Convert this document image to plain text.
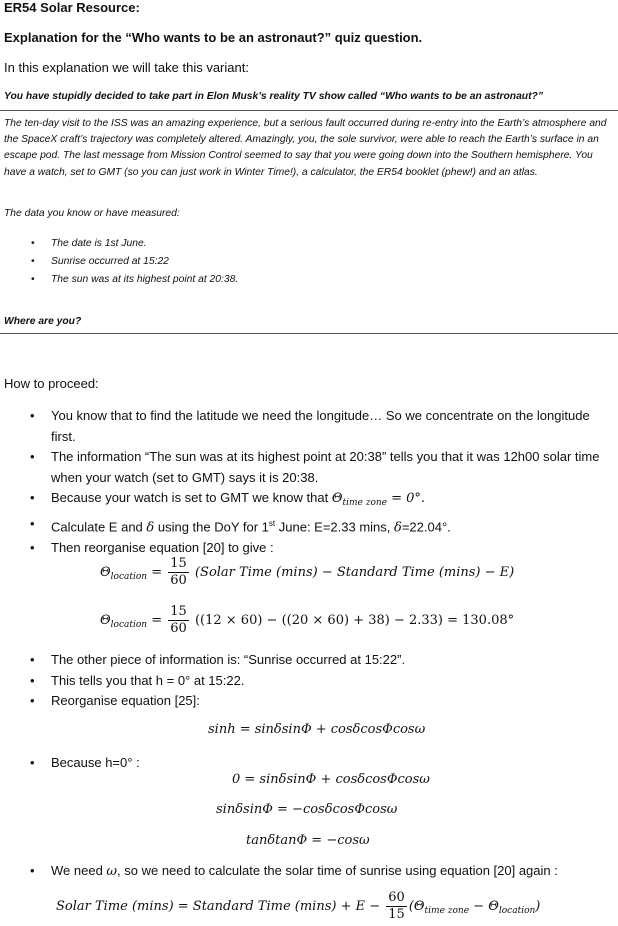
ER54 Solar Resource:
Explanation for the “Who wants to be an astronaut?” quiz question.
In this explanation we will take this variant:
You have stupidly decided to take part in Elon Musk’s reality TV show called “Who wants to be an astronaut?”
The ten-day visit to the ISS was an amazing experience, but a serious fault occurred during re-entry into the Earth’s atmosphere and the SpaceX craft’s trajectory was completely altered. Amazingly, you, the sole survivor, were able to reach the Earth’s surface in an escape pod. The last message from Mission Control seemed to say that you were going down into the Southern hemisphere. You have a watch, set to GMT (so you can just work in Winter Time!), a calculator, the ER54 booklet (phew!) and an atlas.
The data you know or have measured:
• The date is 1st June.
• Sunrise occurred at 15:22
• The sun was at its highest point at 20:38.
Where are you?
How to proceed:
• You know that to find the latitude we need the longitude… So we concentrate on the longitude first.
• The information “The sun was at its highest point at 20:38” tells you that it was 12h00 solar time when your watch (set to GMT) says it is 20:38.
• Because your watch is set to GMT we know that $\Theta_{time zone} = 0^\circ$.
• Calculate E and δ using the DoY for 1st June: E=2.33 mins, δ=22.04°.
• Then reorganise equation [20] to give :
$\Theta_{location} = \frac{15}{60}$ (Solar Time (mins) − Standard Time (mins) − E)
$\Theta_{location} = \frac{15}{60} ((12 \times 60) - ((20 \times 60) + 38) - 2.33) = 130.08^\circ$
• The other piece of information is: “Sunrise occurred at 15:22”.
• This tells you that h = 0° at 15:22.
• Reorganise equation [25]:
sinh = sinδsinΦ + cosδcosΦcosω
• Because h=0° :
0 = sinδsinΦ + cosδcosΦcosω
sinδsinΦ = −cosδcosΦcosω
tanδtanΦ = −cosω
• We need ω, so we need to calculate the solar time of sunrise using equation [20] again :
Solar Time (mins) = Standard Time $(\min s) + E - \frac{60}{15} (\Theta_{time zone} - \Theta_{location})$
